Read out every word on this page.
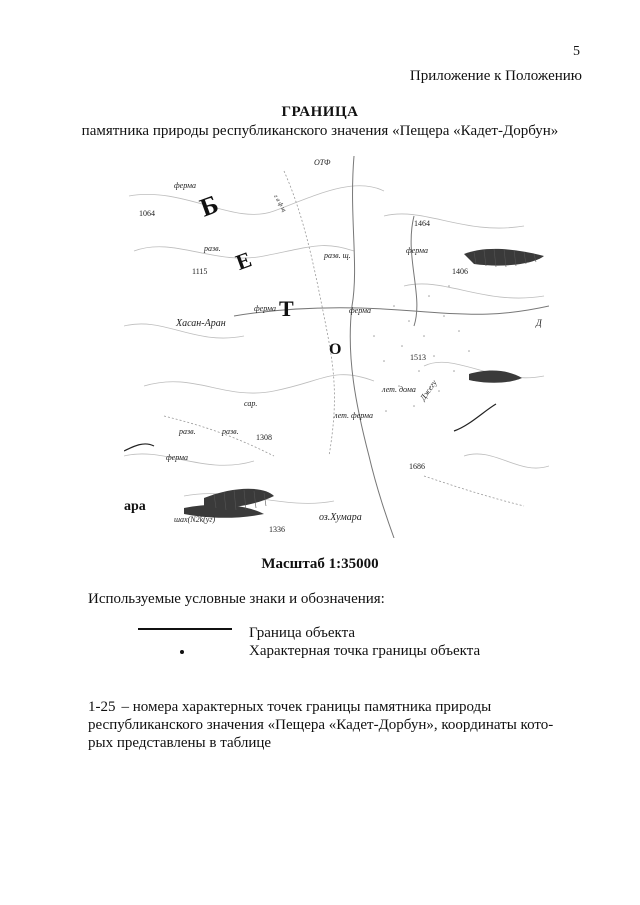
5
Приложение к Положению
ГРАНИЦА
памятника природы республиканского значения «Пещера «Кадет-Дорбун»
ОТФ
ферма
1064
1464
разв.
разв. щ.
ферма
1406
1115
ферма	ферма
Хасан-Аран
1513
лет. дома
сар.
лет. ферма
разв.	разв.
1308
ферма
1686
ара
шах(N2k(уг)
1336
оз.Хумара
г а ф щ
Джегу
Д
Б
Е
Т
О
Масштаб 1:35000
Используемые условные знаки и обозначения:
Граница объекта
Характерная точка границы объекта
1-25 – номера характерных точек границы памятника природы республиканского значения «Пещера «Кадет-Дорбун», координаты кото-рых представлены в таблице
